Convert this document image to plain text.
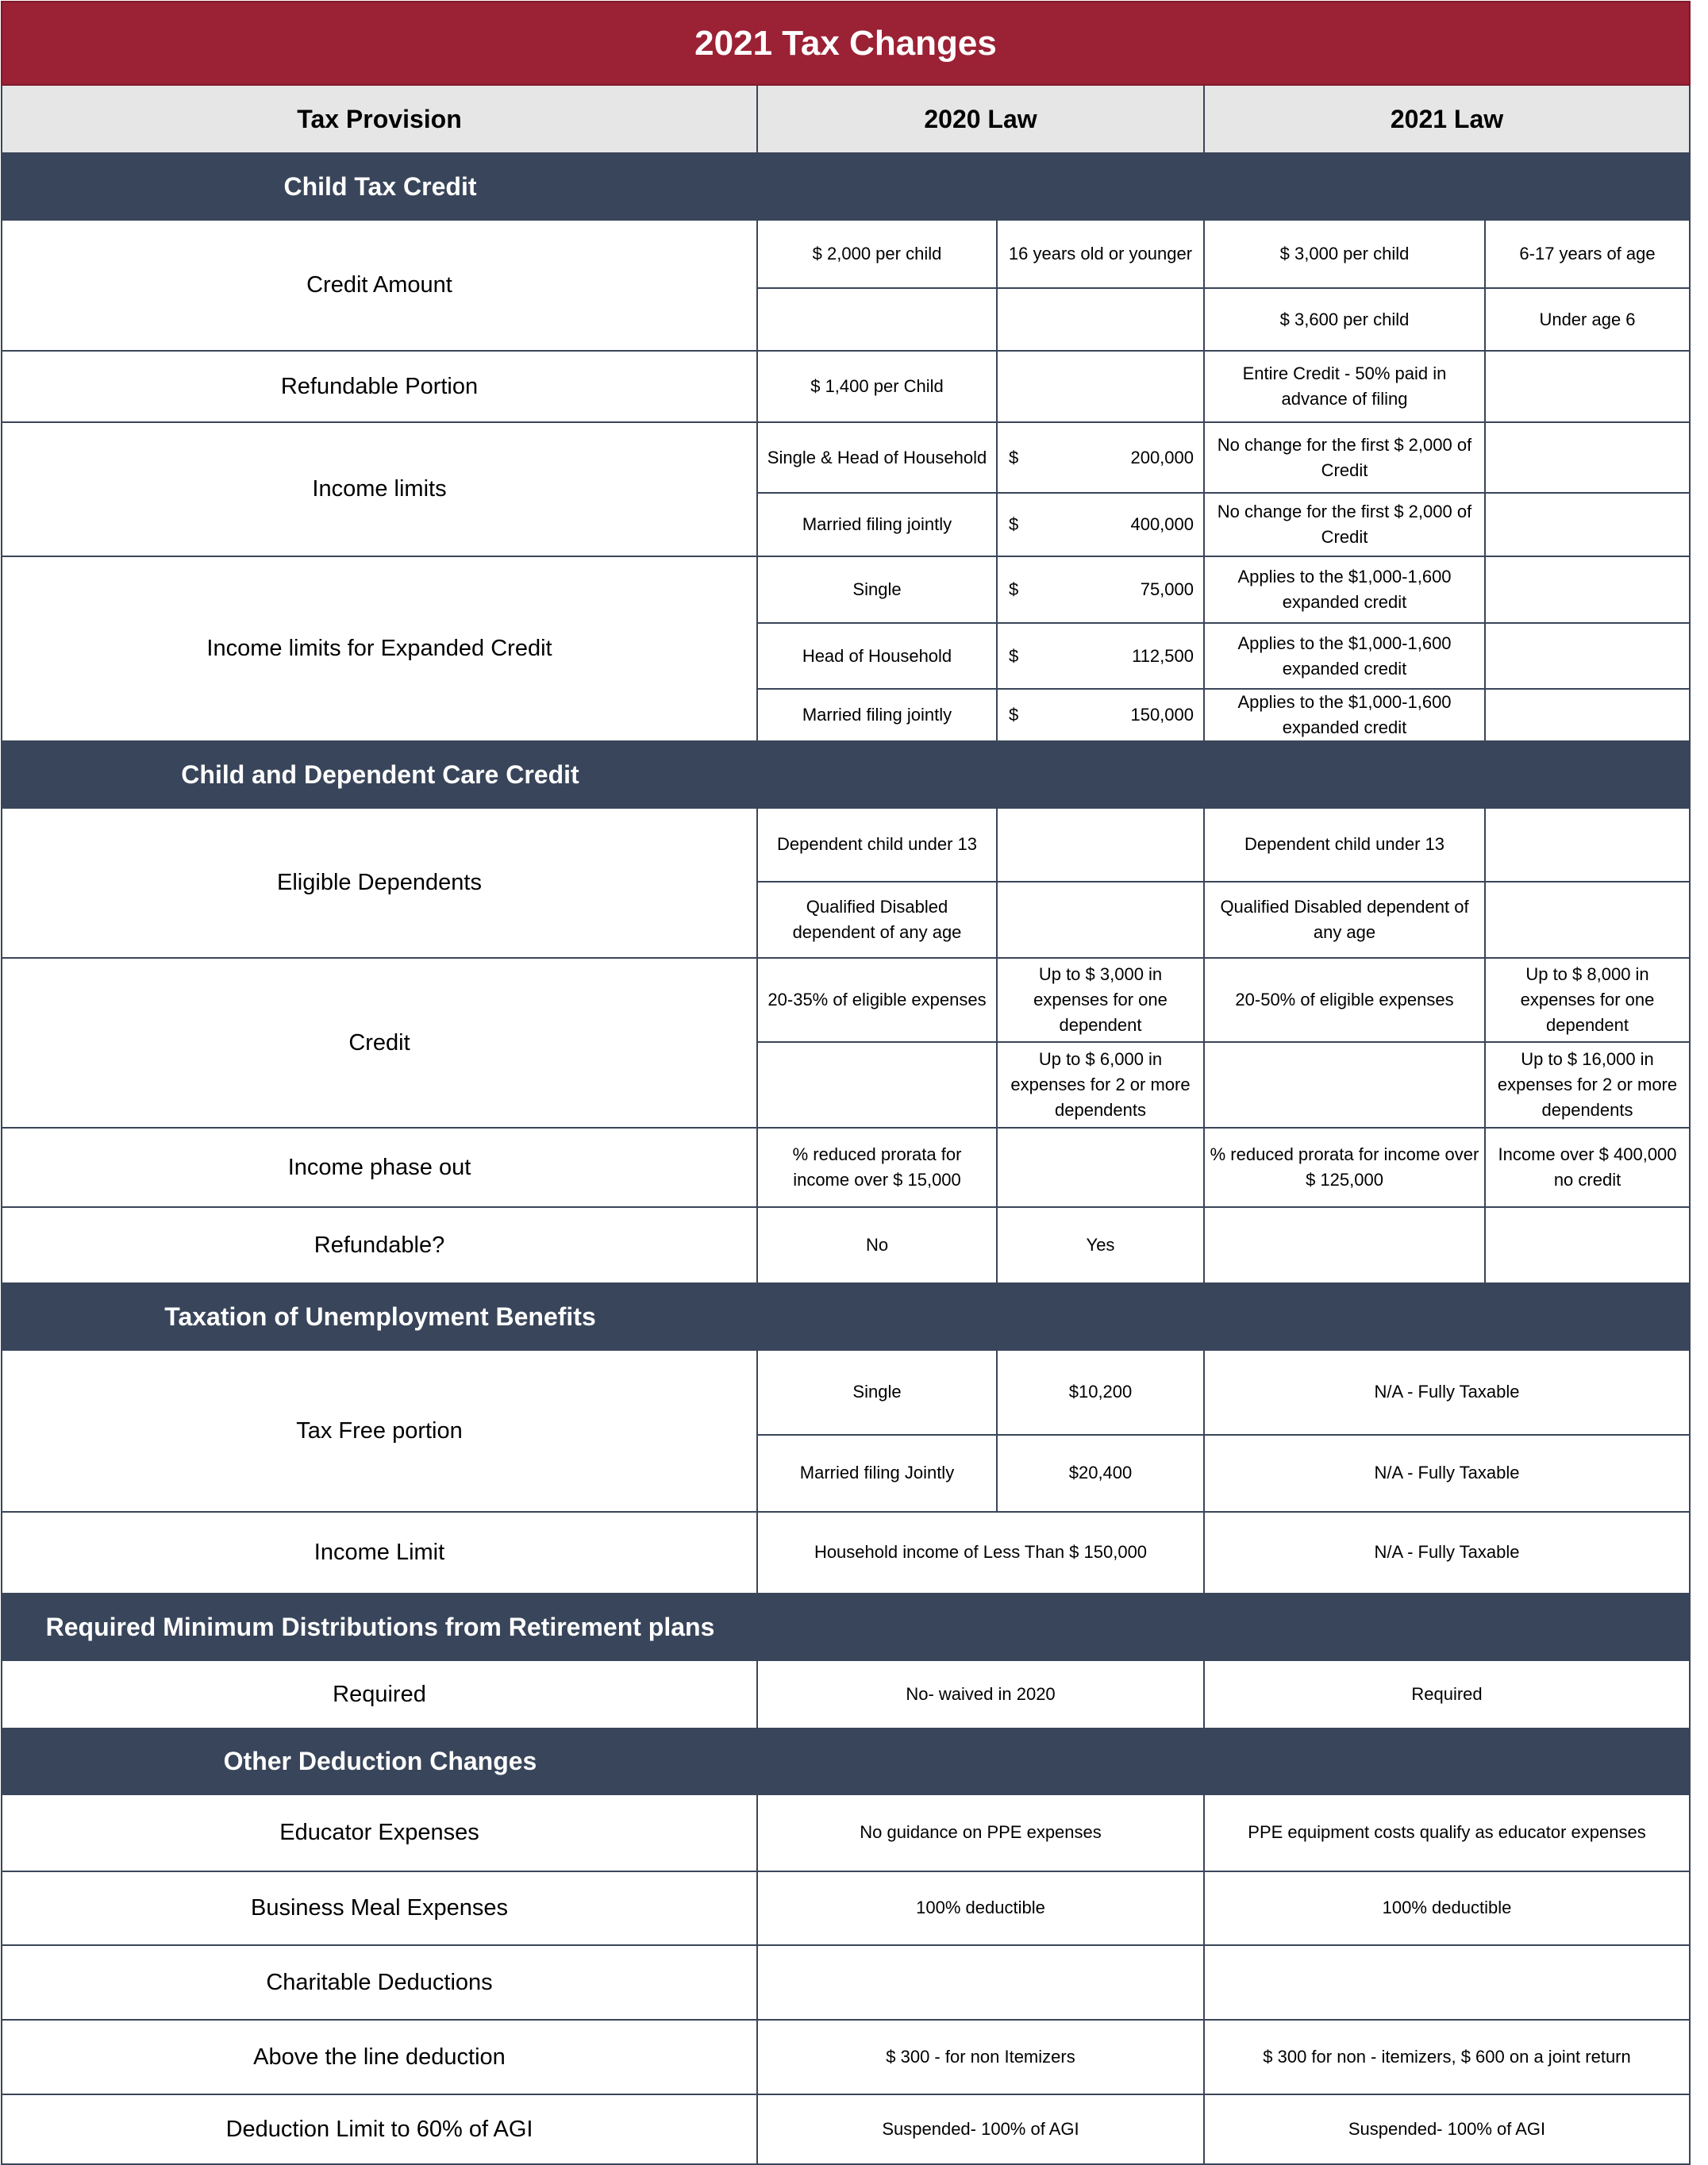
2021 Tax Changes				
Tax Provision	2020 Law		2021 Law	
Child Tax Credit				
Credit Amount	$ 2,000 per child	16 years old or younger	$ 3,000 per child	6-17 years of age
			$ 3,600 per child	Under age 6
Refundable Portion	$ 1,400 per Child		Entire Credit - 50% paid in advance of filing	
Income limits	Single & Head of Household	$ 200,000	No change for the first $ 2,000 of Credit	
	Married filing jointly	$ 400,000	No change for the first $ 2,000 of Credit	
Income limits for Expanded Credit	Single	$ 75,000	Applies to the $1,000-1,600 expanded credit	
	Head of Household	$ 112,500	Applies to the $1,000-1,600 expanded credit	
	Married filing jointly	$ 150,000	Applies to the $1,000-1,600 expanded credit	
Child and Dependent Care Credit				
Eligible Dependents	Dependent child under 13		Dependent child under 13	
	Qualified Disabled dependent of any age		Qualified Disabled dependent of any age	
Credit	20-35% of eligible expenses	Up to $ 3,000 in expenses for one dependent	20-50% of eligible expenses	Up to $ 8,000 in expenses for one dependent
		Up to $ 6,000 in expenses for 2 or more dependents		Up to $ 16,000 in expenses for 2 or more dependents
Income phase out	% reduced prorata for income over $ 15,000		% reduced prorata for income over $ 125,000	Income over $ 400,000 no credit
Refundable?	No	Yes		
Taxation of Unemployment Benefits				
Tax Free portion	Single	$10,200	N/A - Fully Taxable	
	Married filing Jointly	$20,400	N/A - Fully Taxable	
Income Limit	Household income of Less Than $ 150,000		N/A - Fully Taxable	
Required Minimum Distributions from Retirement plans				
Required	No- waived in 2020		Required	
Other Deduction Changes				
Educator Expenses	No guidance on PPE expenses		PPE equipment costs qualify as educator expenses	
Business Meal Expenses	100% deductible		100% deductible	
Charitable Deductions				
Above the line deduction	$ 300 - for non Itemizers		$ 300 for non - itemizers, $ 600 on a joint return	
Deduction Limit to 60% of AGI	Suspended- 100% of AGI		Suspended- 100% of AGI	
